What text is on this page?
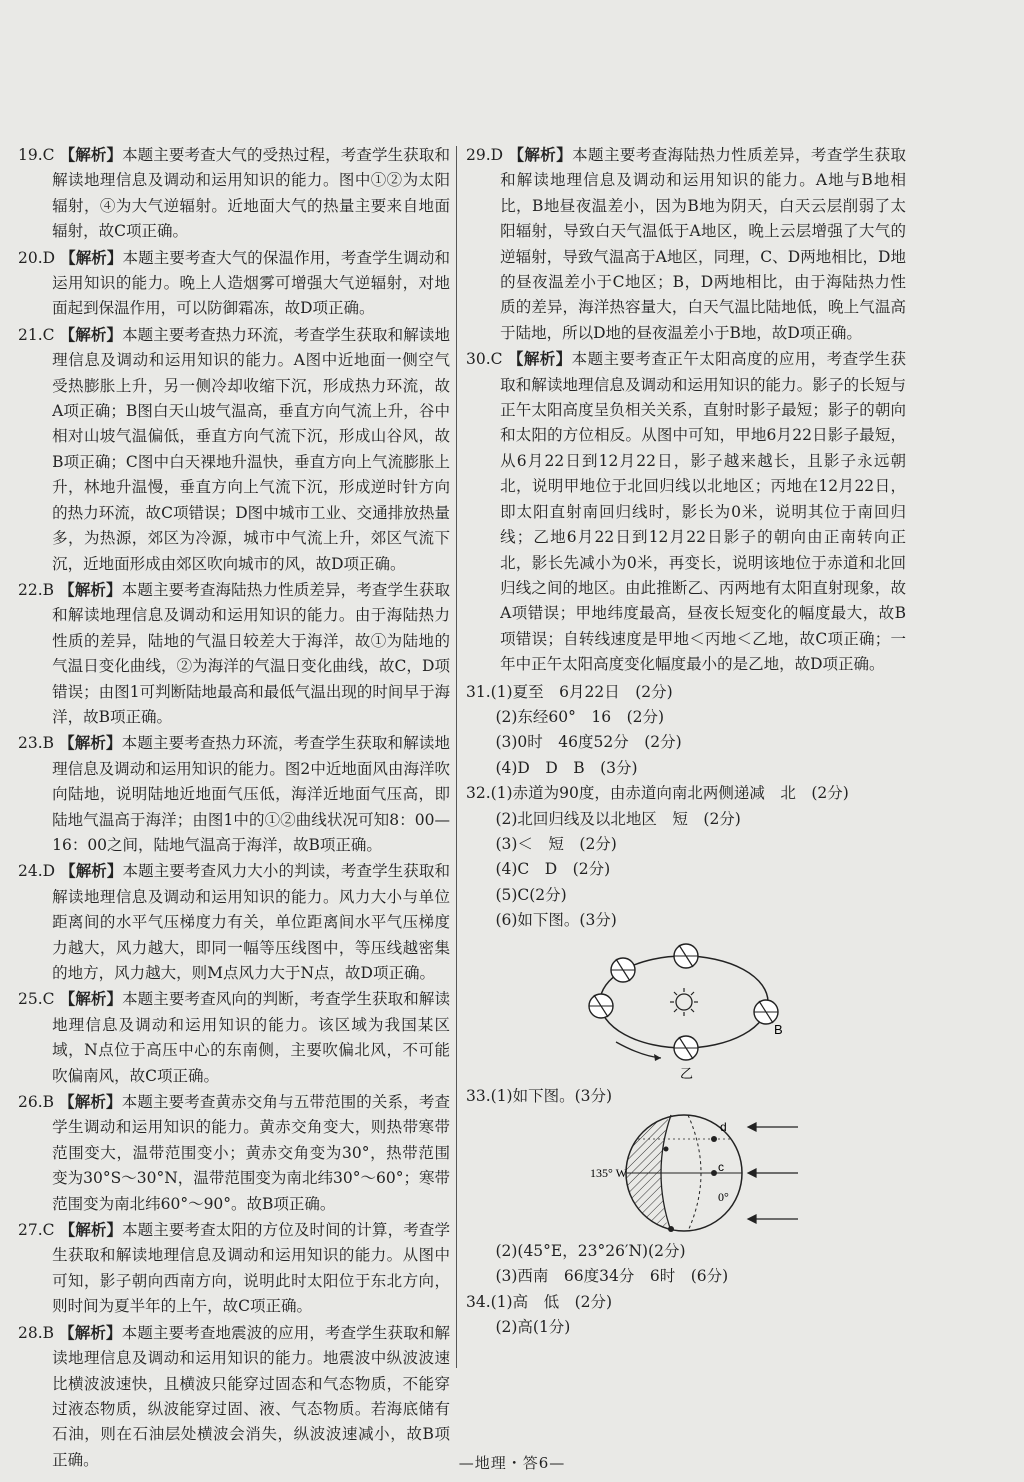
19.C 【解析】本题主要考查大气的受热过程，考查学生获取和解读地理信息及调动和运用知识的能力。图中①②为太阳辐射，④为大气逆辐射。近地面大气的热量主要来自地面辐射，故C项正确。

20.D 【解析】本题主要考查大气的保温作用，考查学生调动和运用知识的能力。晚上人造烟雾可增强大气逆辐射，对地面起到保温作用，可以防御霜冻，故D项正确。

21.C 【解析】本题主要考查热力环流，考查学生获取和解读地理信息及调动和运用知识的能力。A图中近地面一侧空气受热膨胀上升，另一侧冷却收缩下沉，形成热力环流，故A项正确；B图白天山坡气温高，垂直方向气流上升，谷中相对山坡气温偏低，垂直方向气流下沉，形成山谷风，故B项正确；C图中白天裸地升温快，垂直方向上气流膨胀上升，林地升温慢，垂直方向上气流下沉，形成逆时针方向的热力环流，故C项错误；D图中城市工业、交通排放热量多，为热源，郊区为冷源，城市中气流上升，郊区气流下沉，近地面形成由郊区吹向城市的风，故D项正确。

22.B 【解析】本题主要考查海陆热力性质差异，考查学生获取和解读地理信息及调动和运用知识的能力。由于海陆热力性质的差异，陆地的气温日较差大于海洋，故①为陆地的气温日变化曲线，②为海洋的气温日变化曲线，故C，D项错误；由图1可判断陆地最高和最低气温出现的时间早于海洋，故B项正确。

23.B 【解析】本题主要考查热力环流，考查学生获取和解读地理信息及调动和运用知识的能力。图2中近地面风由海洋吹向陆地，说明陆地近地面气压低，海洋近地面气压高，即陆地气温高于海洋；由图1中的①②曲线状况可知8：00—16：00之间，陆地气温高于海洋，故B项正确。

24.D 【解析】本题主要考查风力大小的判读，考查学生获取和解读地理信息及调动和运用知识的能力。风力大小与单位距离间的水平气压梯度力有关，单位距离间水平气压梯度力越大，风力越大，即同一幅等压线图中，等压线越密集的地方，风力越大，则M点风力大于N点，故D项正确。

25.C 【解析】本题主要考查风向的判断，考查学生获取和解读地理信息及调动和运用知识的能力。该区域为我国某区域，N点位于高压中心的东南侧，主要吹偏北风，不可能吹偏南风，故C项正确。

26.B 【解析】本题主要考查黄赤交角与五带范围的关系，考查学生调动和运用知识的能力。黄赤交角变大，则热带寒带范围变大，温带范围变小；黄赤交角变为30°，热带范围变为30°S～30°N，温带范围变为南北纬30°～60°；寒带范围变为南北纬60°～90°。故B项正确。

27.C 【解析】本题主要考查太阳的方位及时间的计算，考查学生获取和解读地理信息及调动和运用知识的能力。从图中可知，影子朝向西南方向，说明此时太阳位于东北方向，则时间为夏半年的上午，故C项正确。

28.B 【解析】本题主要考查地震波的应用，考查学生获取和解读地理信息及调动和运用知识的能力。地震波中纵波波速比横波波速快，且横波只能穿过固态和气态物质，不能穿过液态物质，纵波能穿过固、液、气态物质。若海底储有石油，则在石油层处横波会消失，纵波波速减小，故B项正确。

29.D 【解析】本题主要考查海陆热力性质差异，考查学生获取和解读地理信息及调动和运用知识的能力。A地与B地相比，B地昼夜温差小，因为B地为阴天，白天云层削弱了太阳辐射，导致白天气温低于A地区，晚上云层增强了大气的逆辐射，导致气温高于A地区，同理，C、D两地相比，D地的昼夜温差小于C地区；B，D两地相比，由于海陆热力性质的差异，海洋热容量大，白天气温比陆地低，晚上气温高于陆地，所以D地的昼夜温差小于B地，故D项正确。

30.C 【解析】本题主要考查正午太阳高度的应用，考查学生获取和解读地理信息及调动和运用知识的能力。影子的长短与正午太阳高度呈负相关关系，直射时影子最短；影子的朝向和太阳的方位相反。从图中可知，甲地6月22日影子最短，从6月22日到12月22日，影子越来越长，且影子永远朝北，说明甲地位于北回归线以北地区；丙地在12月22日，即太阳直射南回归线时，影长为0米，说明其位于南回归线；乙地6月22日到12月22日影子的朝向由正南转向正北，影长先减小为0米，再变长，说明该地位于赤道和北回归线之间的地区。由此推断乙、丙两地有太阳直射现象，故A项错误；甲地纬度最高，昼夜长短变化的幅度最大，故B项错误；自转线速度是甲地＜丙地＜乙地，故C项正确；一年中正午太阳高度变化幅度最小的是乙地，故D项正确。

31.(1)夏至　6月22日　(2分)
(2)东经60°　16　(2分)
(3)0时　46度52分　(2分)
(4)D　D　B　(3分)
32.(1)赤道为90度，由赤道向南北两侧递减　北　(2分)
(2)北回归线及以北地区　短　(2分)
(3)＜　短　(2分)
(4)C　D　(2分)
(5)C(2分)
(6)如下图。(3分)
B
乙
33.(1)如下图。(3分)
d
c
135° W
0°
(2)(45°E，23°26′N)(2分)
(3)西南　66度34分　6时　(6分)
34.(1)高　低　(2分)
(2)高(1分)
—地理・答6—
